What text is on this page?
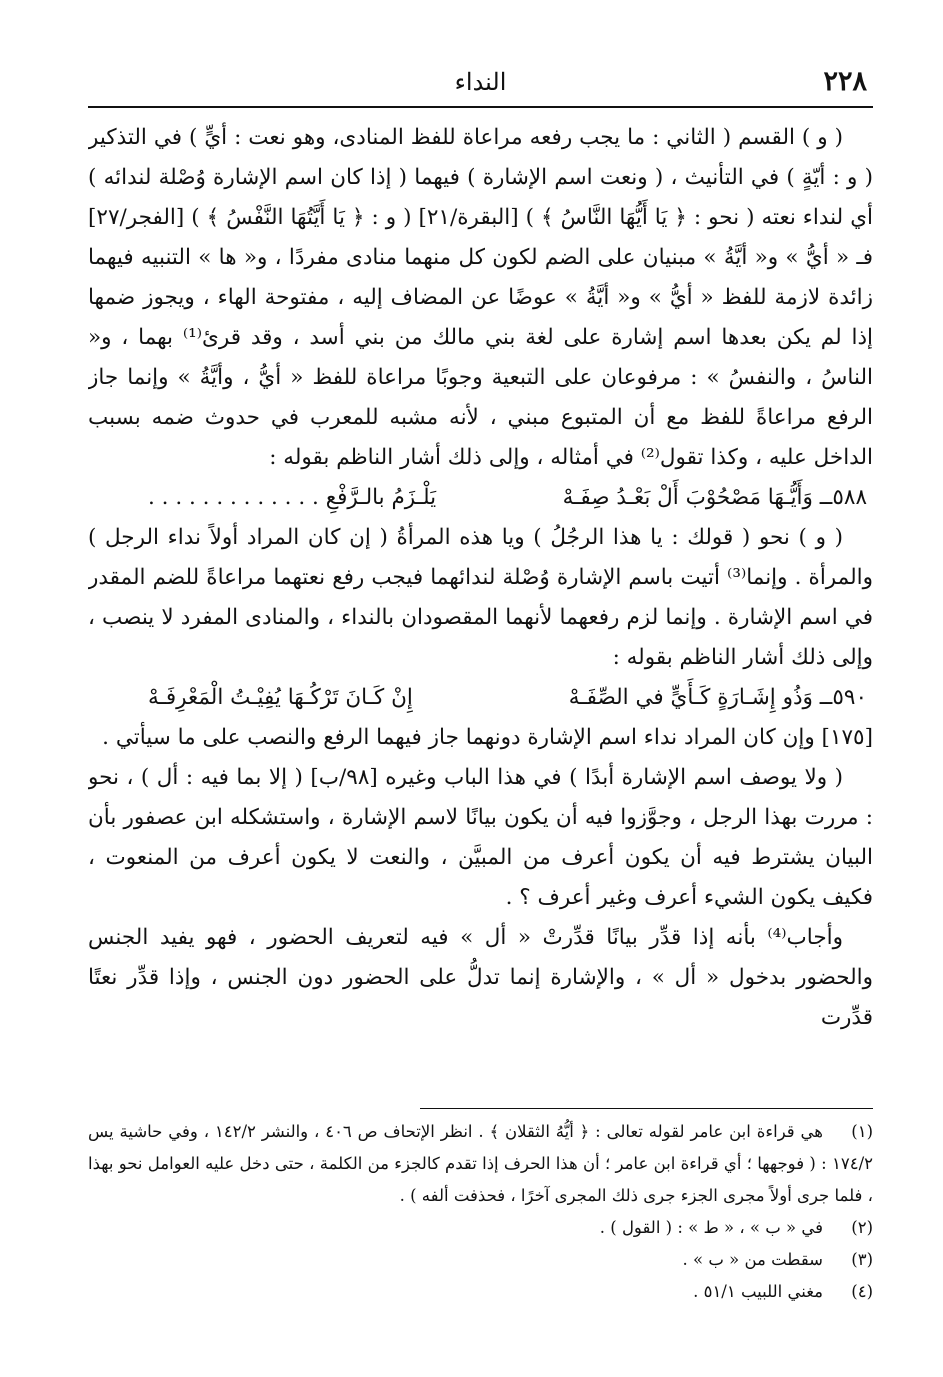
٢٢٨
النداء

( و ) القسم ( الثاني : ما يجب رفعه مراعاة للفظ المنادى، وهو نعت : أيٍّ ) في التذكير ( و : أيّةٍ ) في التأنيث ، ( ونعت اسم الإشارة ) فيهما ( إذا كان اسم الإشارة وُصْلة لندائه ) أي لنداء نعته ( نحو : ﴿ يَا أَيُّهَا النَّاسُ ﴾ ) [البقرة/٢١] ( و : ﴿ يَا أَيَّتُهَا النَّفْسُ ﴾ ) [الفجر/٢٧] فـ « أيُّ » و« أيَّةُ » مبنيان على الضم لكون كل منهما منادى مفردًا ، و« ها » التنبيه فيهما زائدة لازمة للفظ « أيُّ » و« أيَّةُ » عوضًا عن المضاف إليه ، مفتوحة الهاء ، ويجوز ضمها إذا لم يكن بعدها اسم إشارة على لغة بني مالك من بني أسد ، وقد قرئ⁽¹⁾ بهما ، و« الناسُ ، والنفسُ » : مرفوعان على التبعية وجوبًا مراعاة للفظ « أيُّ ، وأيَّةُ » وإنما جاز الرفع مراعاةً للفظ مع أن المتبوع مبني ، لأنه مشبه للمعرب في حدوث ضمه بسبب الداخل عليه ، وكذا تقول⁽²⁾ في أمثاله ، وإلى ذلك أشار الناظم بقوله :

٥٨٨ــ وَأَيُّـهَا مَصْحُوْبَ أَلْ بَعْـدُ صِفَـهْ
يَلْـزَمُ بالـرَّفْعِ . . . . . . . . . . . . .

( و ) نحو ( قولك : يا هذا الرجُلُ ) ويا هذه المرأةُ ( إن كان المراد أولاً نداء الرجل ) والمرأة . وإنما⁽³⁾ أتيت باسم الإشارة وُصْلة لندائهما فيجب رفع نعتهما مراعاةً للضم المقدر في اسم الإشارة . وإنما لزم رفعهما لأنهما المقصودان بالنداء ، والمنادى المفرد لا ينصب ، وإلى ذلك أشار الناظم بقوله :

٥٩٠ــ وَذُو إِشَـارَةٍ كَـأَيٍّ في الصِّفَـهْ
إِنْ كَـانَ تَرْكُـهَا يُفِيْـتُ الْمَعْرِفَـهْ

[١٧٥] وإن كان المراد نداء اسم الإشارة دونهما جاز فيهما الرفع والنصب على ما سيأتي .

( ولا يوصف اسم الإشارة أبدًا ) في هذا الباب وغيره [٩٨/ب] ( إلا بما فيه : أل ) ، نحو : مررت بهذا الرجل ، وجوَّزوا فيه أن يكون بيانًا لاسم الإشارة ، واستشكله ابن عصفور بأن البيان يشترط فيه أن يكون أعرف من المبيَّن ، والنعت لا يكون أعرف من المنعوت ، فكيف يكون الشيء أعرف وغير أعرف ؟ .

وأجاب⁽⁴⁾ بأنه إذا قدِّر بيانًا قدِّرتْ « أل » فيه لتعريف الحضور ، فهو يفيد الجنس والحضور بدخول « أل » ، والإشارة إنما تدلُّ على الحضور دون الجنس ، وإذا قدِّر نعتًا قدِّرت

(١)هي قراءة ابن عامر لقوله تعالى : ﴿ أيُّهُ الثقلان ﴾ . انظر الإتحاف ص ٤٠٦ ، والنشر ١٤٢/٢ ، وفي حاشية يس ١٧٤/٢ : ( فوجهها ؛ أي قراءة ابن عامر ؛ أن هذا الحرف إذا تقدم كالجزء من الكلمة ، حتى دخل عليه العوامل نحو بهذا ، فلما جرى أولاً مجرى الجزء جرى ذلك المجرى آخرًا ، فحذفت ألفه ) .

(٢)في « ب » ، « ط » : ( القول ) .

(٣)سقطت من « ب » .

(٤)مغني اللبيب ٥١/١ .
